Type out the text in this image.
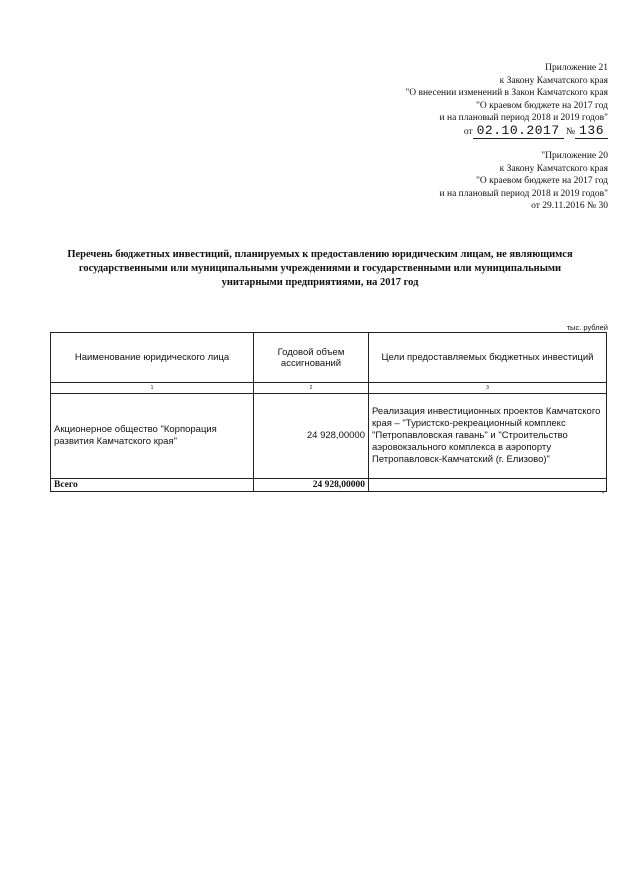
Приложение 21
к Закону Камчатского края
"О внесении изменений в Закон Камчатского края
"О краевом бюджете на 2017 год
и на плановый период 2018 и 2019 годов"
от 02.10.2017 № 136
"Приложение 20
к Закону Камчатского края
"О краевом бюджете на 2017 год
и на плановый период 2018 и 2019 годов"
от 29.11.2016 № 30
Перечень бюджетных инвестиций, планируемых к предоставлению юридическим лицам, не являющимся государственными или муниципальными учреждениями и государственными или муниципальными унитарными предприятиями, на 2017 год
тыс. рублей
Наименование юридического лица	Годовой объем ассигнований	Цели предоставляемых бюджетных инвестиций
1	2	3
Акционерное общество "Корпорация развития Камчатского края"	24 928,00000	Реализация инвестиционных проектов Камчатского края – "Туристско-рекреационный комплекс "Петропавловская гавань" и "Строительство аэровокзального комплекса в аэропорту Петропавловск-Камчатский (г. Елизово)"
Всего	24 928,00000	
"
